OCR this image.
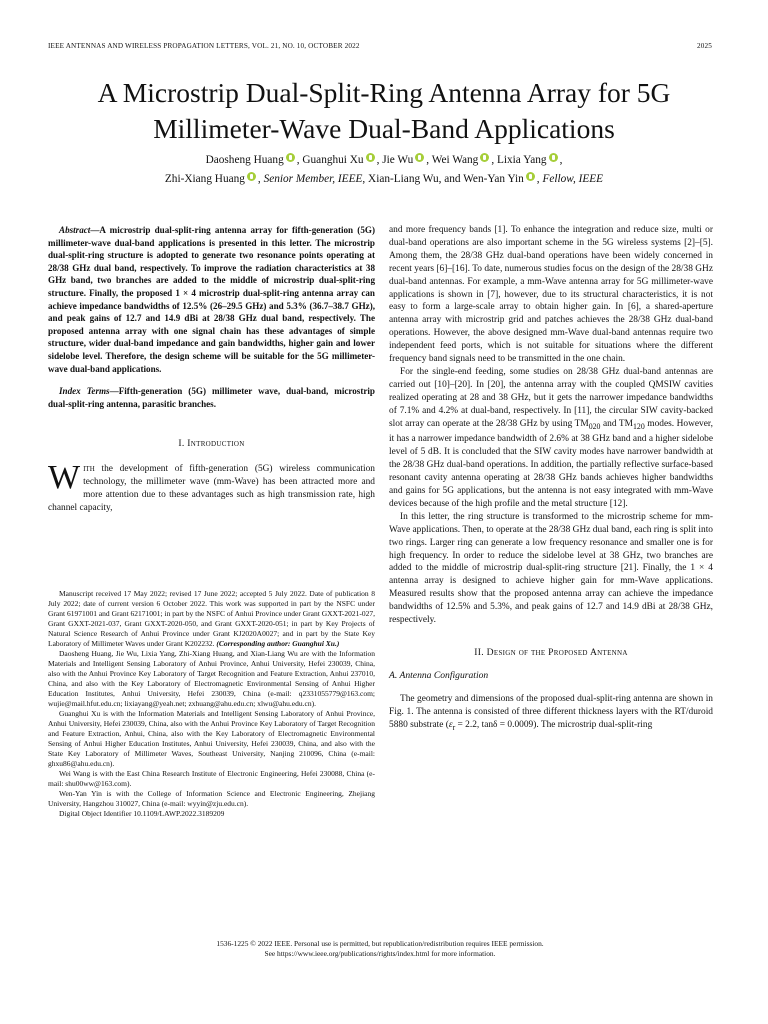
IEEE ANTENNAS AND WIRELESS PROPAGATION LETTERS, VOL. 21, NO. 10, OCTOBER 2022	2025
A Microstrip Dual-Split-Ring Antenna Array for 5G
Millimeter-Wave Dual-Band Applications
Daosheng Huang , Guanghui Xu , Jie Wu , Wei Wang , Lixia Yang ,
Zhi-Xiang Huang , Senior Member, IEEE, Xian-Liang Wu, and Wen-Yan Yin , Fellow, IEEE

Abstract—A microstrip dual-split-ring antenna array for fifth-generation (5G) millimeter-wave dual-band applications is presented in this letter. The microstrip dual-split-ring structure is adopted to generate two resonance points operating at 28/38 GHz dual band, respectively. To improve the radiation characteristics at 38 GHz band, two branches are added to the middle of microstrip dual-split-ring structure. Finally, the proposed 1 × 4 microstrip dual-split-ring antenna array can achieve impedance bandwidths of 12.5% (26–29.5 GHz) and 5.3% (36.7–38.7 GHz), and peak gains of 12.7 and 14.9 dBi at 28/38 GHz dual band, respectively. The proposed antenna array with one signal chain has these advantages of simple structure, wider dual-band impedance and gain bandwidths, higher gain and lower sidelobe level. Therefore, the design scheme will be suitable for the 5G millimeter-wave dual-band applications.

Index Terms—Fifth-generation (5G) millimeter wave, dual-band, microstrip dual-split-ring antenna, parasitic branches.

I. Introduction

With the development of fifth-generation (5G) wireless communication technology, the millimeter wave (mm-Wave) has been attracted more and more attention due to these advantages such as high transmission rate, high channel capacity,

Manuscript received 17 May 2022; revised 17 June 2022; accepted 5 July 2022. Date of publication 8 July 2022; date of current version 6 October 2022. This work was supported in part by the NSFC under Grant 61971001 and Grant 62171001; in part by the NSFC of Anhui Province under Grant GXXT-2021-027, Grant GXXT-2021-037, Grant GXXT-2020-050, and Grant GXXT-2020-051; in part by Key Projects of Natural Science Research of Anhui Province under Grant KJ2020A0027; and in part by the State Key Laboratory of Millimeter Waves under Grant K202232. (Corresponding author: Guanghui Xu.)

Daosheng Huang, Jie Wu, Lixia Yang, Zhi-Xiang Huang, and Xian-Liang Wu are with the Information Materials and Intelligent Sensing Laboratory of Anhui Province, Anhui University, Hefei 230039, China, also with the Anhui Province Key Laboratory of Target Recognition and Feature Extraction, Anhui 237010, China, and also with the Key Laboratory of Electromagnetic Environmental Sensing of Anhui Higher Education Institutes, Anhui University, Hefei 230039, China (e-mail: q2331055779@163.com; wujie@mail.hfut.edu.cn; lixiayang@yeah.net; zxhuang@ahu.edu.cn; xlwu@ahu.edu.cn).

Guanghui Xu is with the Information Materials and Intelligent Sensing Laboratory of Anhui Province, Anhui University, Hefei 230039, China, also with the Anhui Province Key Laboratory of Target Recognition and Feature Extraction, Anhui, China, also with the Key Laboratory of Electromagnetic Environmental Sensing of Anhui Higher Education Institutes, Anhui University, Hefei 230039, China, and also with the State Key Laboratory of Millimeter Waves, Southeast University, Nanjing 210096, China (e-mail: ghxu86@ahu.edu.cn).

Wei Wang is with the East China Research Institute of Electronic Engineering, Hefei 230088, China (e-mail: shu00ww@163.com).

Wen-Yan Yin is with the College of Information Science and Electronic Engineering, Zhejiang University, Hangzhou 310027, China (e-mail: wyyin@zju.edu.cn).

Digital Object Identifier 10.1109/LAWP.2022.3189209

and more frequency bands [1]. To enhance the integration and reduce size, multi or dual-band operations are also important scheme in the 5G wireless systems [2]–[5]. Among them, the 28/38 GHz dual-band operations have been widely concerned in recent years [6]–[16]. To date, numerous studies focus on the design of the 28/38 GHz dual-band antennas. For example, a mm-Wave antenna array for 5G millimeter-wave applications is shown in [7], however, due to its structural characteristics, it is not easy to form a large-scale array to obtain higher gain. In [6], a shared-aperture antenna array with microstrip grid and patches achieves the 28/38 GHz dual-band operations. However, the above designed mm-Wave dual-band antennas require two independent feed ports, which is not suitable for situations where the different frequency band signals need to be transmitted in the one chain.

For the single-end feeding, some studies on 28/38 GHz dual-band antennas are carried out [10]–[20]. In [20], the antenna array with the coupled QMSIW cavities realized operating at 28 and 38 GHz, but it gets the narrower impedance bandwidths of 7.1% and 4.2% at dual-band, respectively. In [11], the circular SIW cavity-backed slot array can operate at the 28/38 GHz by using $TM_{020}$ and $TM_{120}$ modes. However, it has a narrower impedance bandwidth of 2.6% at 38 GHz band and a higher sidelobe level of 5 dB. It is concluded that the SIW cavity modes have narrower bandwidth at the 28/38 GHz dual-band operations. In addition, the partially reflective surface-based resonant cavity antenna operating at 28/38 GHz bands achieves higher bandwidths and gains for 5G applications, but the antenna is not easy integrated with mm-Wave devices because of the high profile and the metal structure [12].

In this letter, the ring structure is transformed to the microstrip scheme for mm-Wave applications. Then, to operate at the 28/38 GHz dual band, each ring is split into two rings. Larger ring can generate a low frequency resonance and smaller one is for high frequency. In order to reduce the sidelobe level at 38 GHz, two branches are added to the middle of microstrip dual-split-ring structure [21]. Finally, the 1 × 4 antenna array is designed to achieve higher gain for mm-Wave applications. Measured results show that the proposed antenna array can achieve the impedance bandwidths of 12.5% and 5.3%, and peak gains of 12.7 and 14.9 dBi at 28/38 GHz, respectively.

II. Design of the Proposed Antenna

A. Antenna Configuration

The geometry and dimensions of the proposed dual-split-ring antenna are shown in Fig. 1. The antenna is consisted of three different thickness layers with the RT/duroid 5880 substrate ($\varepsilon_r = 2.2$, tanδ = 0.0009). The microstrip dual-split-ring

1536-1225 © 2022 IEEE. Personal use is permitted, but republication/redistribution requires IEEE permission.
See https://www.ieee.org/publications/rights/index.html for more information.
